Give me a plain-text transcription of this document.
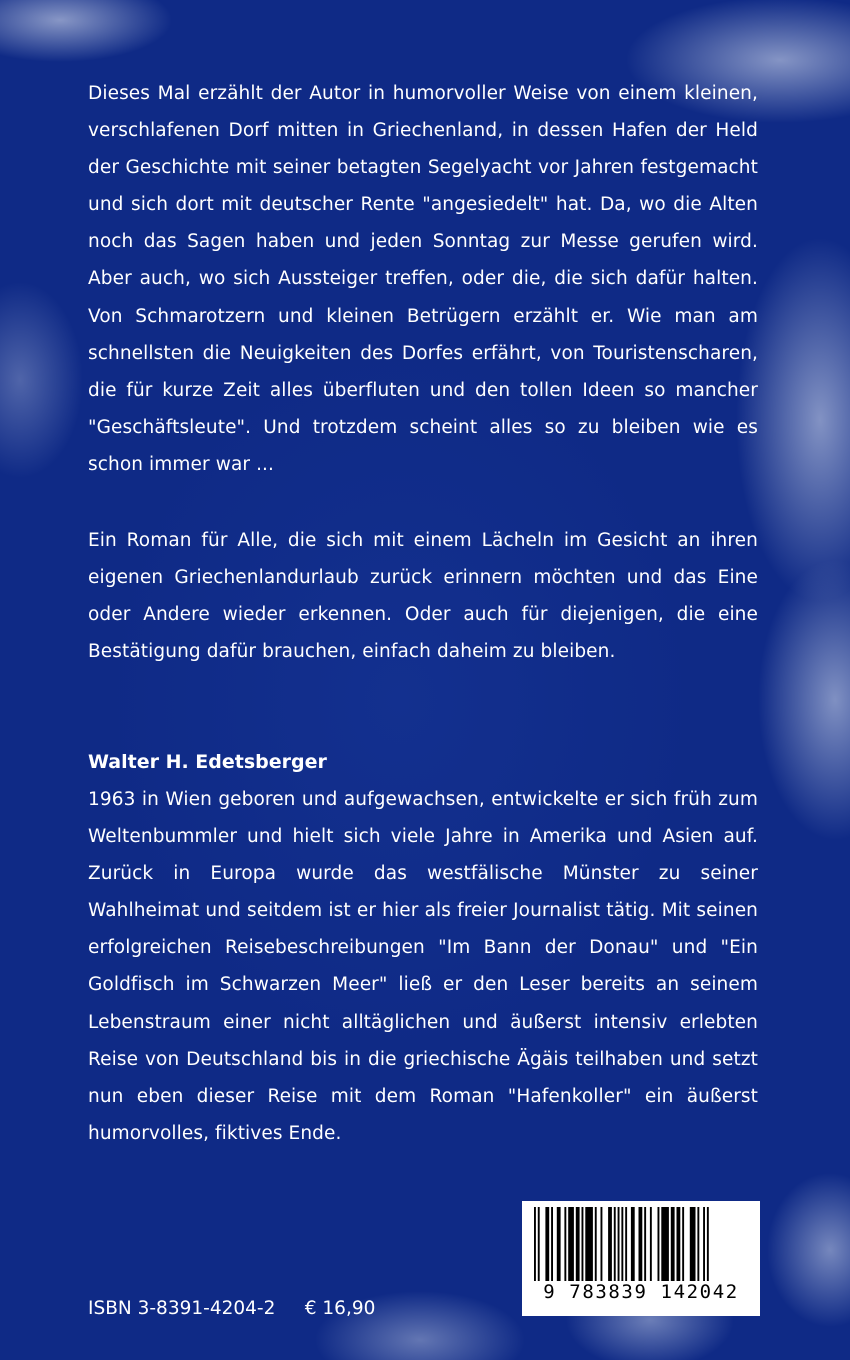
Dieses Mal erzählt der Autor in humorvoller Weise von einem kleinen, verschlafenen Dorf mitten in Griechenland, in dessen Hafen der Held der Geschichte mit seiner betagten Segelyacht vor Jahren festgemacht und sich dort mit deutscher Rente "angesiedelt" hat. Da, wo die Alten noch das Sagen haben und jeden Sonntag zur Messe gerufen wird. Aber auch, wo sich Aussteiger treffen, oder die, die sich dafür halten. Von Schmarotzern und kleinen Betrügern erzählt er. Wie man am schnellsten die Neuigkeiten des Dorfes erfährt, von Touristenscharen, die für kurze Zeit alles überfluten und den tollen Ideen so mancher "Geschäftsleute". Und trotzdem scheint alles so zu bleiben wie es schon immer war ...
Ein Roman für Alle, die sich mit einem Lächeln im Gesicht an ihren eigenen Griechenlandurlaub zurück erinnern möchten und das Eine oder Andere wieder erkennen. Oder auch für diejenigen, die eine Bestätigung dafür brauchen, einfach daheim zu bleiben.
Walter H. Edetsberger
1963 in Wien geboren und aufgewachsen, entwickelte er sich früh zum Weltenbummler und hielt sich viele Jahre in Amerika und Asien auf. Zurück in Europa wurde das westfälische Münster zu seiner Wahlheimat und seitdem ist er hier als freier Journalist tätig. Mit seinen erfolgreichen Reisebeschreibungen "Im Bann der Donau" und "Ein Goldfisch im Schwarzen Meer" ließ er den Leser bereits an seinem Lebenstraum einer nicht alltäglichen und äußerst intensiv erlebten Reise von Deutschland bis in die griechische Ägäis teilhaben und setzt nun eben dieser Reise mit dem Roman "Hafenkoller" ein äußerst humorvolles, fiktives Ende.
ISBN 3-8391-4204-2 € 16,90
9 783839 142042
